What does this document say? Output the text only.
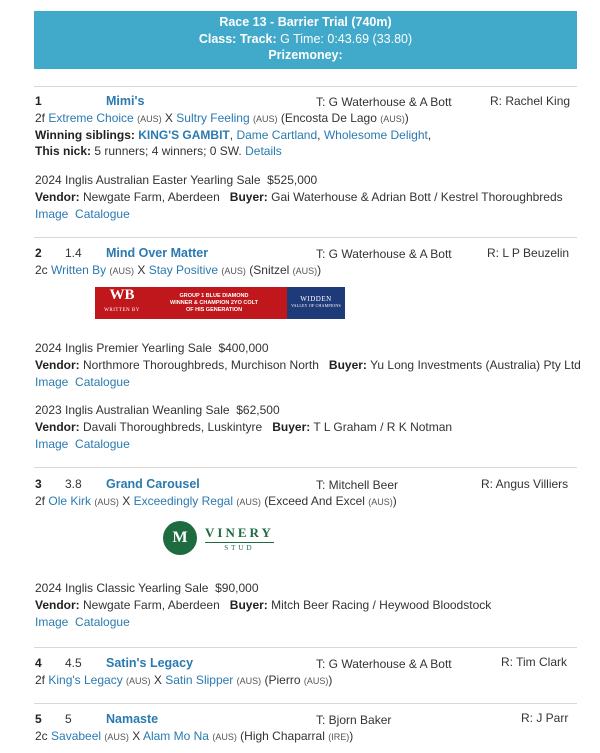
Race 13 - Barrier Trial (740m)
Class: Track: G Time: 0:43.69 (33.80)
Prizemoney:
1	Mimi's	T: G Waterhouse & A Bott	R: Rachel King
2f Extreme Choice (AUS) X Sultry Feeling (AUS) (Encosta De Lago (AUS))
Winning siblings: KING'S GAMBIT, Dame Cartland, Wholesome Delight,
This nick: 5 runners; 4 winners; 0 SW. Details
2024 Inglis Australian Easter Yearling Sale $525,000
Vendor: Newgate Farm, Aberdeen Buyer: Gai Waterhouse & Adrian Bott / Kestrel Thoroughbreds
Image Catalogue
2 1.4 Mind Over Matter	T: G Waterhouse & A Bott	R: L P Beuzelin
2c Written By (AUS) X Stay Positive (AUS) (Snitzel (AUS))
WB
WRITTEN BY
GROUP 1 BLUE DIAMOND
WINNER & CHAMPION 2YO COLT
OF HIS GENERATION
WIDDEN
VALLEY OF CHAMPIONS
2024 Inglis Premier Yearling Sale $400,000
Vendor: Northmore Thoroughbreds, Murchison North Buyer: Yu Long Investments (Australia) Pty Ltd
Image Catalogue
2023 Inglis Australian Weanling Sale $62,500
Vendor: Davali Thoroughbreds, Luskintyre Buyer: T L Graham / R K Notman
Image Catalogue
3 3.8 Grand Carousel	T: Mitchell Beer	R: Angus Villiers
2f Ole Kirk (AUS) X Exceedingly Regal (AUS) (Exceed And Excel (AUS))
M	VINERY
STUD
2024 Inglis Classic Yearling Sale $90,000
Vendor: Newgate Farm, Aberdeen Buyer: Mitch Beer Racing / Heywood Bloodstock
Image Catalogue
4 4.5 Satin's Legacy	T: G Waterhouse & A Bott	R: Tim Clark
2f King's Legacy (AUS) X Satin Slipper (AUS) (Pierro (AUS))
5 5	Namaste	T: Bjorn Baker	R: J Parr
2c Savabeel (AUS) X Alam Mo Na (AUS) (High Chaparral (IRE))
